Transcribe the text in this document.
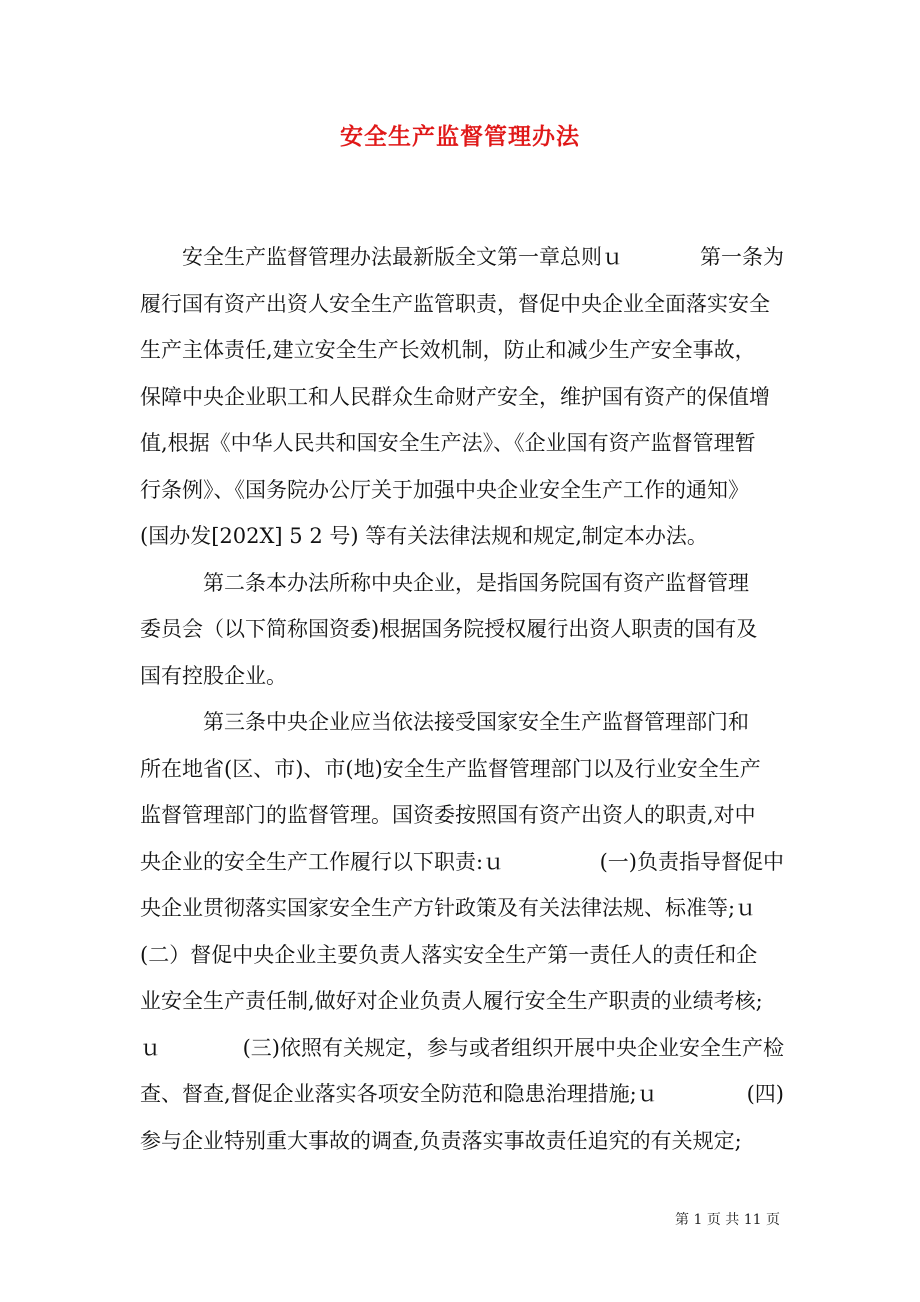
安全生产监督管理办法
　　安全生产监督管理办法最新版全文第一章总则ｕ	第一条为
履行国有资产出资人安全生产监管职责，督促中央企业全面落实安全
生产主体责任,建立安全生产长效机制，防止和减少生产安全事故，
保障中央企业职工和人民群众生命财产安全，维护国有资产的保值增
值,根据《中华人民共和国安全生产法》、《企业国有资产监督管理暂
行条例》、《国务院办公厅关于加强中央企业安全生产工作的通知》
(国办发[202X] 5 2 号) 等有关法律法规和规定,制定本办法。
　　　第二条本办法所称中央企业，是指国务院国有资产监督管理
委员会（以下简称国资委)根据国务院授权履行出资人职责的国有及
国有控股企业。
　　　第三条中央企业应当依法接受国家安全生产监督管理部门和
所在地省(区、市)、市(地)安全生产监督管理部门以及行业安全生产
监督管理部门的监督管理。国资委按照国有资产出资人的职责,对中
央企业的安全生产工作履行以下职责:ｕ	(一)负责指导督促中
央企业贯彻落实国家安全生产方针政策及有关法律法规、标准等;ｕ
(二）督促中央企业主要负责人落实安全生产第一责任人的责任和企
业安全生产责任制,做好对企业负责人履行安全生产职责的业绩考核;
ｕ	(三)依照有关规定，参与或者组织开展中央企业安全生产检
查、督查,督促企业落实各项安全防范和隐患治理措施;ｕ	(四)
参与企业特别重大事故的调查,负责落实事故责任追究的有关规定;
第 1 页 共 11 页
